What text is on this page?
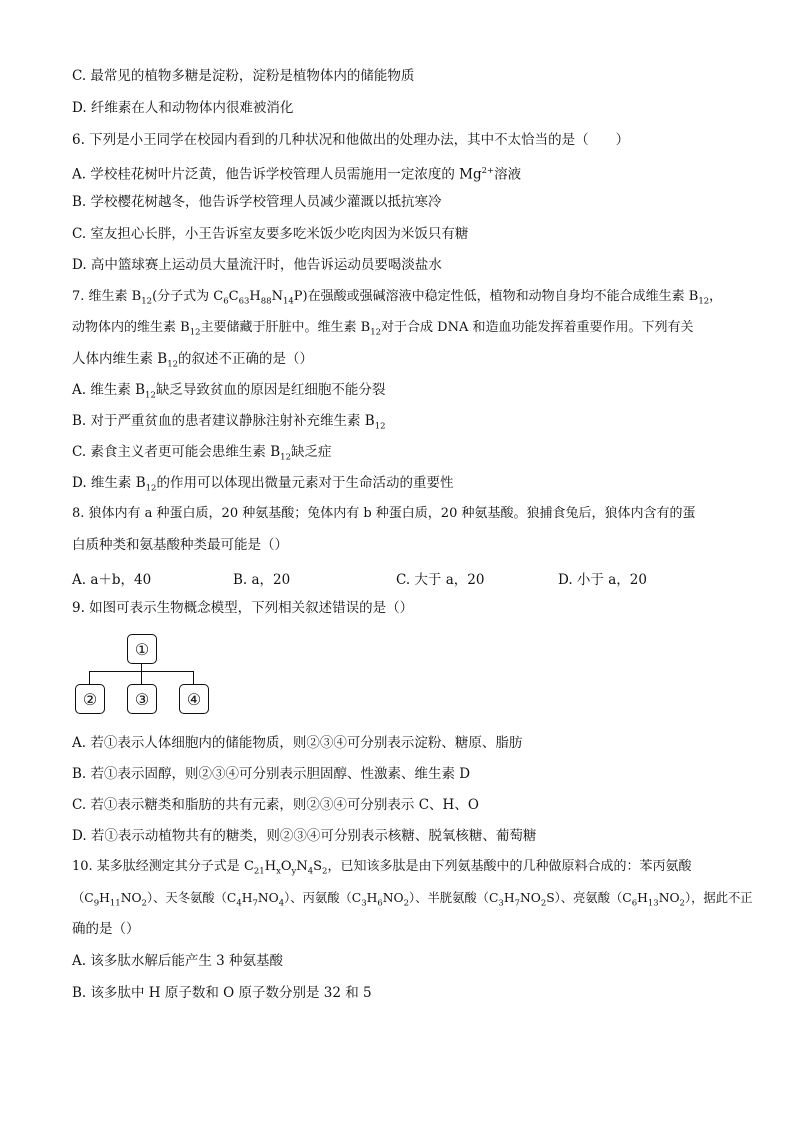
C. 最常见的植物多糖是淀粉，淀粉是植物体内的储能物质
D. 纤维素在人和动物体内很难被消化
6. 下列是小王同学在校园内看到的几种状况和他做出的处理办法，其中不太恰当的是（　　）
A. 学校桂花树叶片泛黄，他告诉学校管理人员需施用一定浓度的 $Mg^{2+}$溶液
B. 学校樱花树越冬，他告诉学校管理人员减少灌溉以抵抗寒冷
C. 室友担心长胖，小王告诉室友要多吃米饭少吃肉因为米饭只有糖
D. 高中篮球赛上运动员大量流汗时，他告诉运动员要喝淡盐水
7. 维生素 $B_{12}$(分子式为 $C_6C_{63}H_{88}N_{14}P$)在强酸或强碱溶液中稳定性低，植物和动物自身均不能合成维生素 $B_{12}$，
动物体内的维生素 $B_{12}$主要储藏于肝脏中。维生素 $B_{12}$对于合成 DNA 和造血功能发挥着重要作用。下列有关
人体内维生素 $B_{12}$的叙述不正确的是（）
A. 维生素 $B_{12}$缺乏导致贫血的原因是红细胞不能分裂
B. 对于严重贫血的患者建议静脉注射补充维生素 $B_{12}$
C. 素食主义者更可能会患维生素 $B_{12}$缺乏症
D. 维生素 $B_{12}$的作用可以体现出微量元素对于生命活动的重要性
8. 狼体内有 a 种蛋白质，20 种氨基酸；兔体内有 b 种蛋白质，20 种氨基酸。狼捕食兔后，狼体内含有的蛋
白质种类和氨基酸种类最可能是（）
A. a＋b，40	B. a，20	C. 大于 a，20	D. 小于 a，20
9. 如图可表示生物概念模型，下列相关叙述错误的是（）
①
②	③	④
A. 若①表示人体细胞内的储能物质，则②③④可分别表示淀粉、糖原、脂肪
B. 若①表示固醇，则②③④可分别表示胆固醇、性激素、维生素 D
C. 若①表示糖类和脂肪的共有元素，则②③④可分别表示 C、H、O
D. 若①表示动植物共有的糖类，则②③④可分别表示核糖、脱氧核糖、葡萄糖
10. 某多肽经测定其分子式是 $C_{21}H_xO_yN_4S_2$，已知该多肽是由下列氨基酸中的几种做原料合成的：苯丙氨酸
$(C_9H_{11}NO_2)$、天冬氨酸$(C_4H_7NO_4)$、丙氨酸$(C_3H_6NO_2)$、半胱氨酸$(C_3H_7NO_2S)$、亮氨酸$(C_6H_{13}NO_2)$，据此不正
确的是（）
A. 该多肽水解后能产生 3 种氨基酸
B. 该多肽中 H 原子数和 O 原子数分别是 32 和 5
